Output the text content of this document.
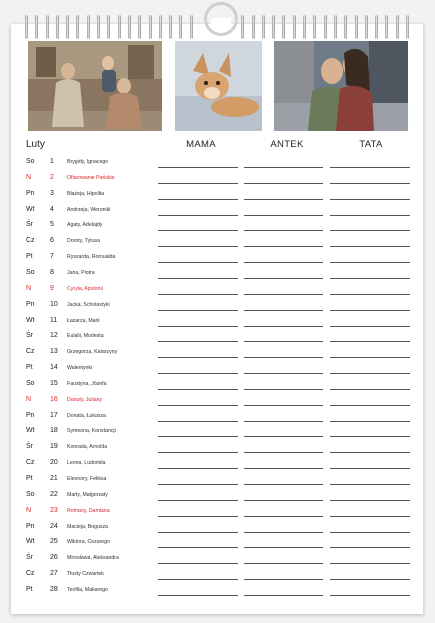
Luty	MAMA	ANTEK	TATA
So	1	Brygidy, Ignacego
N	2	Ofiarowanie Pańskie
Pn	3	Błażeja, Hipolita
Wt	4	Andrzeja, Weroniki
Śr	5	Agaty, Adelajdy
Cz	6	Doroty, Tytusa
Pt	7	Ryszarda, Romualda
So	8	Jana, Piotra
N	9	Cyryla, Apolonii
Pn	10	Jacka, Scholastyki
Wt	11	Łazarza, Marii
Śr	12	Eulalii, Modesta
Cz	13	Grzegorza, Katarzyny
Pt	14	Walentynki
So	15	Faustyna, Józefa
N	16	Danuty, Juliany
Pn	17	Donata, Łukasza
Wt	18	Symeona, Konstancji
Śr	19	Konrada, Arnolda
Cz	20	Leona, Ludomiła
Pt	21	Eleonory, Feliksa
So	22	Marty, Małgorzaty
N	23	Romany, Damiana
Pn	24	Macieja, Bogusza
Wt	25	Wiktora, Cezarego
Śr	26	Mirosława, Aleksandra
Cz	27	Tłusty Czwartek
Pt	28	Teofila, Makarego
